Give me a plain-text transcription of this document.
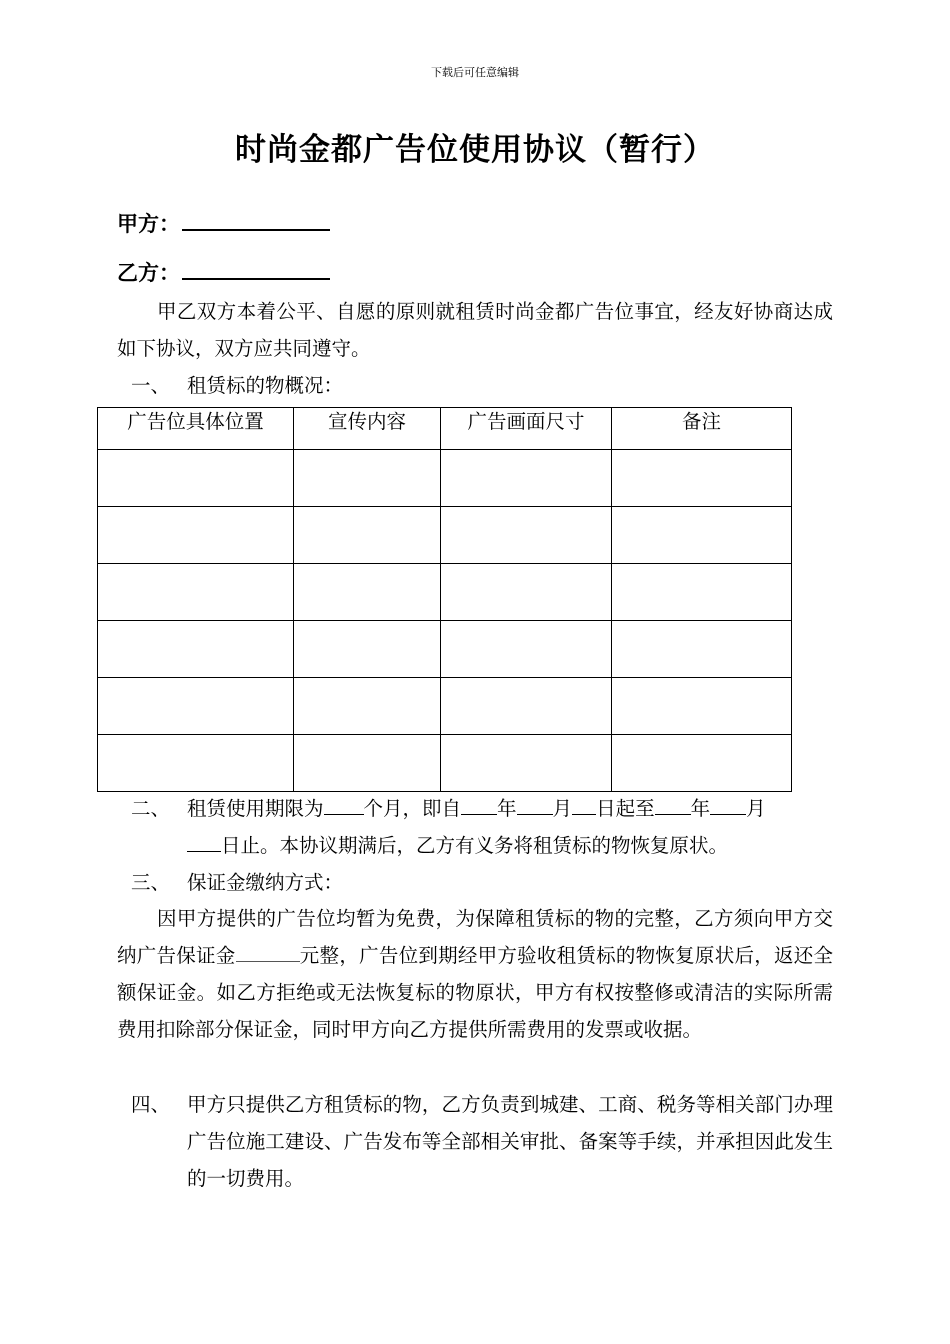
下载后可任意编辑
时尚金都广告位使用协议（暂行）
甲方：
乙方：
甲乙双方本着公平、自愿的原则就租赁时尚金都广告位事宜，经友好协商达成如下协议，双方应共同遵守。
一、 租赁标的物概况：
广告位具体位置	宣传内容	广告画面尺寸	备注

二、 租赁使用期限为 个月，即自 年 月 日起至 年 月
日止。本协议期满后，乙方有义务将租赁标的物恢复原状。
三、 保证金缴纳方式：
因甲方提供的广告位均暂为免费，为保障租赁标的物的完整，乙方须向甲方交纳广告保证金	元整，广告位到期经甲方验收租赁标的物恢复原状后，返还全额保证金。如乙方拒绝或无法恢复标的物原状，甲方有权按整修或清洁的实际所需费用扣除部分保证金，同时甲方向乙方提供所需费用的发票或收据。
四、 甲方只提供乙方租赁标的物，乙方负责到城建、工商、税务等相关部门办理广告位施工建设、广告发布等全部相关审批、备案等手续，并承担因此发生的一切费用。
